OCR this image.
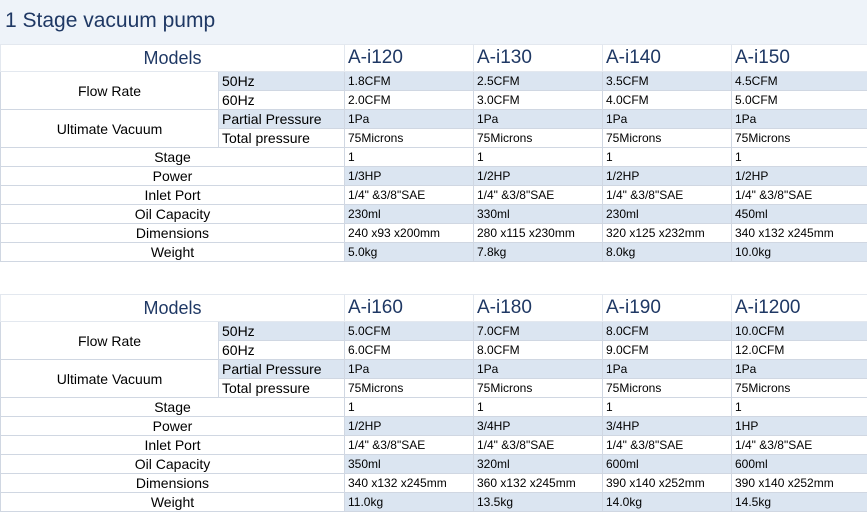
1 Stage vacuum pump
Models		A-i120	A-i130	A-i140	A-i150
Flow Rate	50Hz	1.8CFM	2.5CFM	3.5CFM	4.5CFM
	60Hz	2.0CFM	3.0CFM	4.0CFM	5.0CFM
Ultimate Vacuum	Partial Pressure	1Pa	1Pa	1Pa	1Pa
	Total pressure	75Microns	75Microns	75Microns	75Microns
Stage		1	1	1	1
Power		1/3HP	1/2HP	1/2HP	1/2HP
Inlet Port		1/4" &3/8"SAE	1/4" &3/8"SAE	1/4" &3/8"SAE	1/4" &3/8"SAE
Oil Capacity		230ml	330ml	230ml	450ml
Dimensions		240 x93 x200mm	280 x115 x230mm	320 x125 x232mm	340 x132 x245mm
Weight		5.0kg	7.8kg	8.0kg	10.0kg
Models		A-i160	A-i180	A-i190	A-i1200
Flow Rate	50Hz	5.0CFM	7.0CFM	8.0CFM	10.0CFM
	60Hz	6.0CFM	8.0CFM	9.0CFM	12.0CFM
Ultimate Vacuum	Partial Pressure	1Pa	1Pa	1Pa	1Pa
	Total pressure	75Microns	75Microns	75Microns	75Microns
Stage		1	1	1	1
Power		1/2HP	3/4HP	3/4HP	1HP
Inlet Port		1/4" &3/8"SAE	1/4" &3/8"SAE	1/4" &3/8"SAE	1/4" &3/8"SAE
Oil Capacity		350ml	320ml	600ml	600ml
Dimensions		340 x132 x245mm	360 x132 x245mm	390 x140 x252mm	390 x140 x252mm
Weight		11.0kg	13.5kg	14.0kg	14.5kg
